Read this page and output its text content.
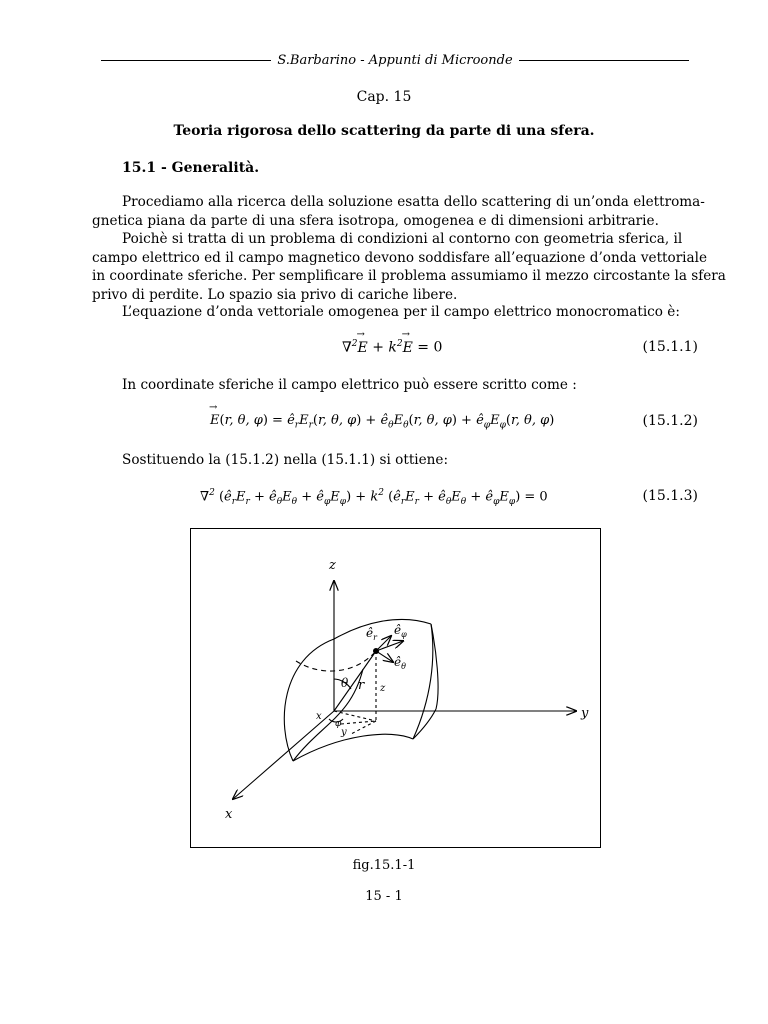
S.Barbarino - Appunti di Microonde
Cap. 15
Teoria rigorosa dello scattering da parte di una sfera.
15.1 - Generalità.
Procediamo alla ricerca della soluzione esatta dello scattering di un’onda elettroma-
gnetica piana da parte di una sfera isotropa, omogenea e di dimensioni arbitrarie.
Poichè si tratta di un problema di condizioni al contorno con geometria sferica, il
campo elettrico ed il campo magnetico devono soddisfare all’equazione d’onda vettoriale
in coordinate sferiche. Per semplificare il problema assumiamo il mezzo circostante la sfera
privo di perdite. Lo spazio sia privo di cariche libere.
L’equazione d’onda vettoriale omogenea per il campo elettrico monocromatico è:
$\nabla^2\to E + k^2\to E = 0$	(15.1.1)
In coordinate sferiche il campo elettrico può essere scritto come :
→ E(r, θ, $\varphi) = ê_rE_r(r$, θ, $\varphi) + ê_\theta E_\theta(r$, θ, $\varphi) + ê_\varphi E_\varphi(r$, θ, φ)	(15.1.2)
Sostituendo la (15.1.2) nella (15.1.1) si ottiene:
∇$^2$ ($ê_rE_r$ + $ê_\theta E_\theta$ + $ê_\varphi E_\varphi) + k^2$ ($ê_rE_r$ + $ê_\theta E_\theta$ + $ê_\varphi E_\varphi) = 0$	(15.1.3)
z
y
x
r
θ	z
x
y
φ
$ê_r$
$ê_\varphi$
$ê_\theta$
fig.15.1-1
15 - 1
